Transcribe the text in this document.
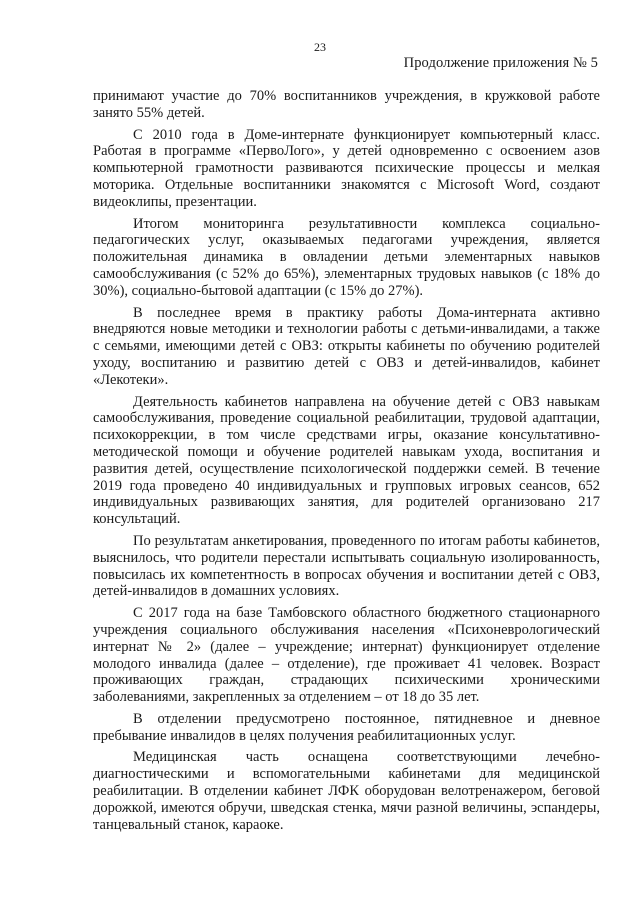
23
Продолжение приложения № 5

принимают участие до 70% воспитанников учреждения, в кружковой работе занято 55% детей.

С 2010 года в Доме-интернате функционирует компьютерный класс. Работая в программе «ПервоЛого», у детей одновременно с освоением азов компьютерной грамотности развиваются психические процессы и мелкая моторика. Отдельные воспитанники знакомятся с Microsoft Word, создают видеоклипы, презентации.

Итогом мониторинга результативности комплекса социально-педагогических услуг, оказываемых педагогами учреждения, является положительная динамика в овладении детьми элементарных навыков самообслуживания (с 52% до 65%), элементарных трудовых навыков (с 18% до 30%), социально-бытовой адаптации (с 15% до 27%).

В последнее время в практику работы Дома-интерната активно внедряются новые методики и технологии работы с детьми-инвалидами, а также с семьями, имеющими детей с ОВЗ: открыты кабинеты по обучению родителей уходу, воспитанию и развитию детей с ОВЗ и детей-инвалидов, кабинет «Лекотеки».

Деятельность кабинетов направлена на обучение детей с ОВЗ навыкам самообслуживания, проведение социальной реабилитации, трудовой адаптации, психокоррекции, в том числе средствами игры, оказание консультативно-методической помощи и обучение родителей навыкам ухода, воспитания и развития детей, осуществление психологической поддержки семей. В течение 2019 года проведено 40 индивидуальных и групповых игровых сеансов, 652 индивидуальных развивающих занятия, для родителей организовано 217 консультаций.

По результатам анкетирования, проведенного по итогам работы кабинетов, выяснилось, что родители перестали испытывать социальную изолированность, повысилась их компетентность в вопросах обучения и воспитании детей с ОВЗ, детей-инвалидов в домашних условиях.

С 2017 года на базе Тамбовского областного бюджетного стационарного учреждения социального обслуживания населения «Психоневрологический интернат № 2» (далее – учреждение; интернат) функционирует отделение молодого инвалида (далее – отделение), где проживает 41 человек. Возраст проживающих граждан, страдающих психическими хроническими заболеваниями, закрепленных за отделением – от 18 до 35 лет.

В отделении предусмотрено постоянное, пятидневное и дневное пребывание инвалидов в целях получения реабилитационных услуг.

Медицинская часть оснащена соответствующими лечебно-диагностическими и вспомогательными кабинетами для медицинской реабилитации. В отделении кабинет ЛФК оборудован велотренажером, беговой дорожкой, имеются обручи, шведская стенка, мячи разной величины, эспандеры, танцевальный станок, караоке.
